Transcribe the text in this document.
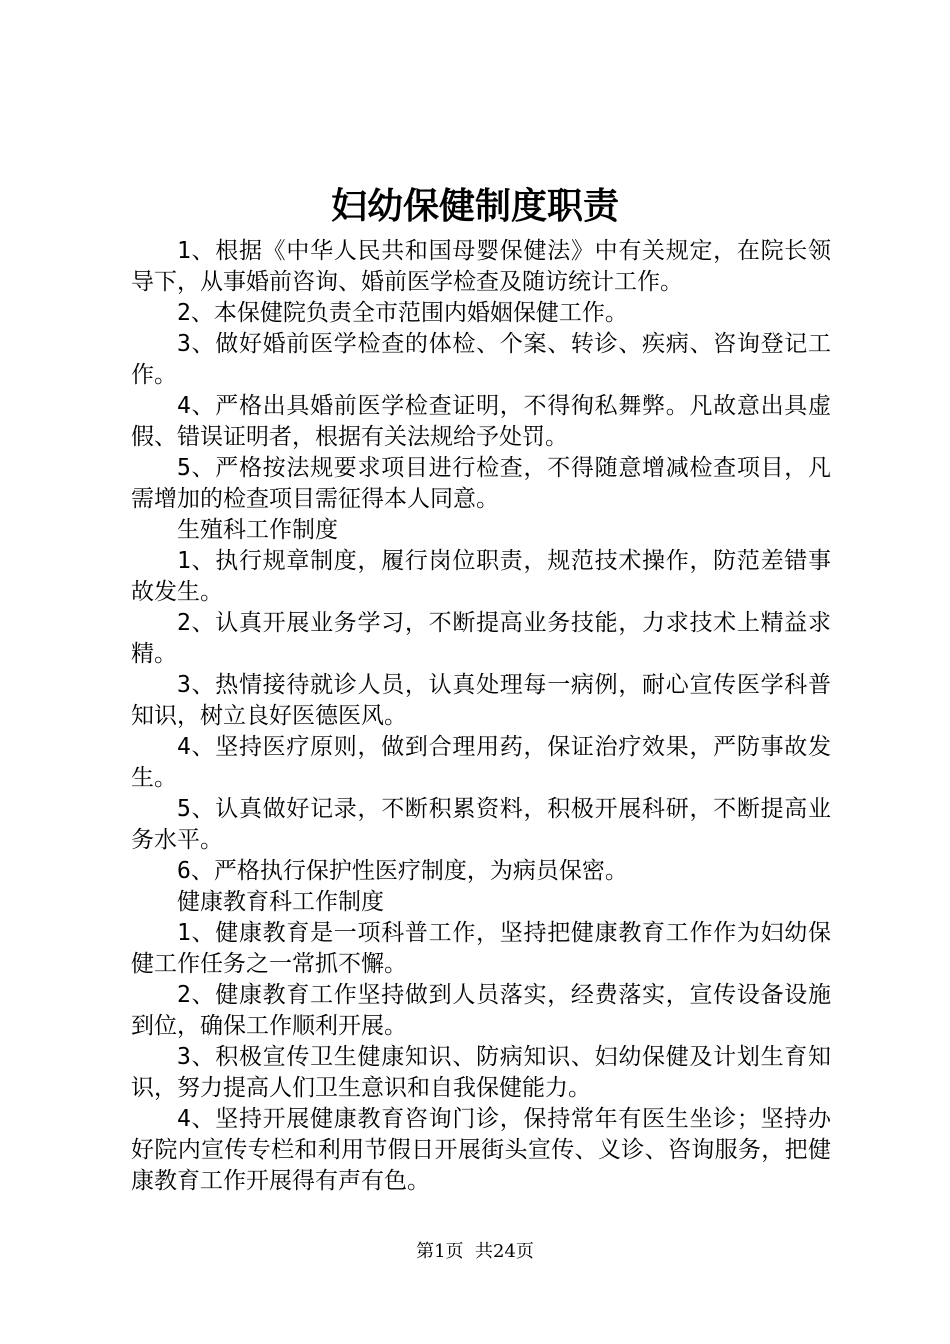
妇幼保健制度职责

1、根据《中华人民共和国母婴保健法》中有关规定，在院长领导下，从事婚前咨询、婚前医学检查及随访统计工作。

2、本保健院负责全市范围内婚姻保健工作。

3、做好婚前医学检查的体检、个案、转诊、疾病、咨询登记工作。

4、严格出具婚前医学检查证明，不得徇私舞弊。凡故意出具虚假、错误证明者，根据有关法规给予处罚。

5、严格按法规要求项目进行检查，不得随意增减检查项目，凡需增加的检查项目需征得本人同意。

生殖科工作制度

1、执行规章制度，履行岗位职责，规范技术操作，防范差错事故发生。

2、认真开展业务学习，不断提高业务技能，力求技术上精益求精。

3、热情接待就诊人员，认真处理每一病例，耐心宣传医学科普知识，树立良好医德医风。

4、坚持医疗原则，做到合理用药，保证治疗效果，严防事故发生。

5、认真做好记录，不断积累资料，积极开展科研，不断提高业务水平。

6、严格执行保护性医疗制度，为病员保密。

健康教育科工作制度

1、健康教育是一项科普工作，坚持把健康教育工作作为妇幼保健工作任务之一常抓不懈。

2、健康教育工作坚持做到人员落实，经费落实，宣传设备设施到位，确保工作顺利开展。

3、积极宣传卫生健康知识、防病知识、妇幼保健及计划生育知识，努力提高人们卫生意识和自我保健能力。

4、坚持开展健康教育咨询门诊，保持常年有医生坐诊；坚持办好院内宣传专栏和利用节假日开展街头宣传、义诊、咨询服务，把健康教育工作开展得有声有色。

第1页 共24页
